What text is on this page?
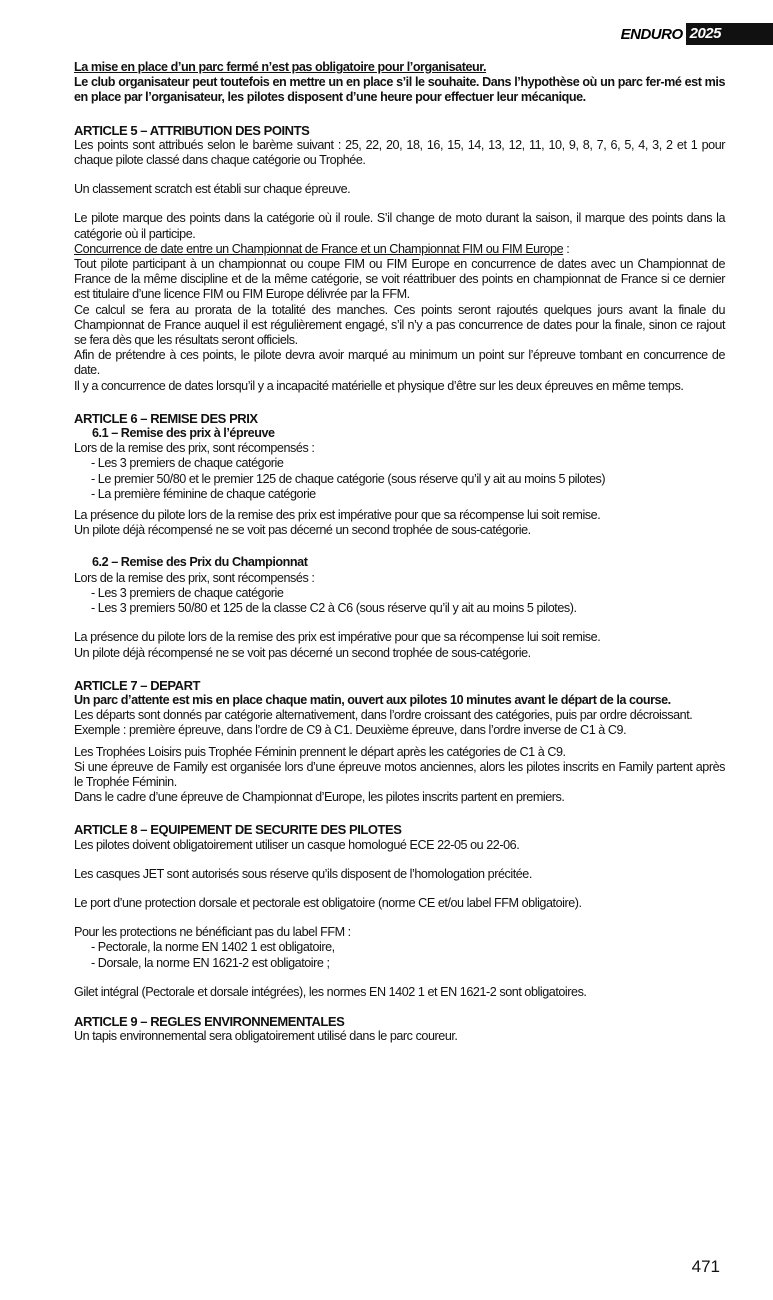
ENDURO 2025

La mise en place d’un parc fermé n’est pas obligatoire pour l’organisateur.

Le club organisateur peut toutefois en mettre un en place s’il le souhaite. Dans l’hypothèse où un parc fer-mé est mis en place par l’organisateur, les pilotes disposent d’une heure pour effectuer leur mécanique.

ARTICLE 5 – ATTRIBUTION DES POINTS

Les points sont attribués selon le barème suivant : 25, 22, 20, 18, 16, 15, 14, 13, 12, 11, 10, 9, 8, 7, 6, 5, 4, 3, 2 et 1 pour chaque pilote classé dans chaque catégorie ou Trophée.

Un classement scratch est établi sur chaque épreuve.

Le pilote marque des points dans la catégorie où il roule. S’il change de moto durant la saison, il marque des points dans la catégorie où il participe.

Concurrence de date entre un Championnat de France et un Championnat FIM ou FIM Europe :

Tout pilote participant à un championnat ou coupe FIM ou FIM Europe en concurrence de dates avec un Championnat de France de la même discipline et de la même catégorie, se voit réattribuer des points en championnat de France si ce dernier est titulaire d’une licence FIM ou FIM Europe délivrée par la FFM.

Ce calcul se fera au prorata de la totalité des manches. Ces points seront rajoutés quelques jours avant la finale du Championnat de France auquel il est régulièrement engagé, s’il n’y a pas concurrence de dates pour la finale, sinon ce rajout se fera dès que les résultats seront officiels.

Afin de prétendre à ces points, le pilote devra avoir marqué au minimum un point sur l’épreuve tombant en concurrence de date.

Il y a concurrence de dates lorsqu’il y a incapacité matérielle et physique d’être sur les deux épreuves en même temps.

ARTICLE 6 – REMISE DES PRIX

6.1 – Remise des prix à l’épreuve

Lors de la remise des prix, sont récompensés :

- Les 3 premiers de chaque catégorie

- Le premier 50/80 et le premier 125 de chaque catégorie (sous réserve qu’il y ait au moins 5 pilotes)

- La première féminine de chaque catégorie

La présence du pilote lors de la remise des prix est impérative pour que sa récompense lui soit remise.

Un pilote déjà récompensé ne se voit pas décerné un second trophée de sous-catégorie.

6.2 – Remise des Prix du Championnat

Lors de la remise des prix, sont récompensés :

- Les 3 premiers de chaque catégorie

- Les 3 premiers 50/80 et 125 de la classe C2 à C6 (sous réserve qu’il y ait au moins 5 pilotes).

La présence du pilote lors de la remise des prix est impérative pour que sa récompense lui soit remise.

Un pilote déjà récompensé ne se voit pas décerné un second trophée de sous-catégorie.

ARTICLE 7 – DEPART

Un parc d’attente est mis en place chaque matin, ouvert aux pilotes 10 minutes avant le départ de la course.

Les départs sont donnés par catégorie alternativement, dans l’ordre croissant des catégories, puis par ordre décroissant.

Exemple : première épreuve, dans l’ordre de C9 à C1. Deuxième épreuve, dans l’ordre inverse de C1 à C9.

Les Trophées Loisirs puis Trophée Féminin prennent le départ après les catégories de C1 à C9.

Si une épreuve de Family est organisée lors d’une épreuve motos anciennes, alors les pilotes inscrits en Family partent après le Trophée Féminin.

Dans le cadre d’une épreuve de Championnat d’Europe, les pilotes inscrits partent en premiers.

ARTICLE 8 – EQUIPEMENT DE SECURITE DES PILOTES

Les pilotes doivent obligatoirement utiliser un casque homologué ECE 22-05 ou 22-06.

Les casques JET sont autorisés sous réserve qu’ils disposent de l’homologation précitée.

Le port d’une protection dorsale et pectorale est obligatoire (norme CE et/ou label FFM obligatoire).

Pour les protections ne bénéficiant pas du label FFM :

- Pectorale, la norme EN 1402 1 est obligatoire,

- Dorsale, la norme EN 1621-2 est obligatoire ;

Gilet intégral (Pectorale et dorsale intégrées), les normes EN 1402 1 et EN 1621-2 sont obligatoires.

ARTICLE 9 – REGLES ENVIRONNEMENTALES

Un tapis environnemental sera obligatoirement utilisé dans le parc coureur.

471
